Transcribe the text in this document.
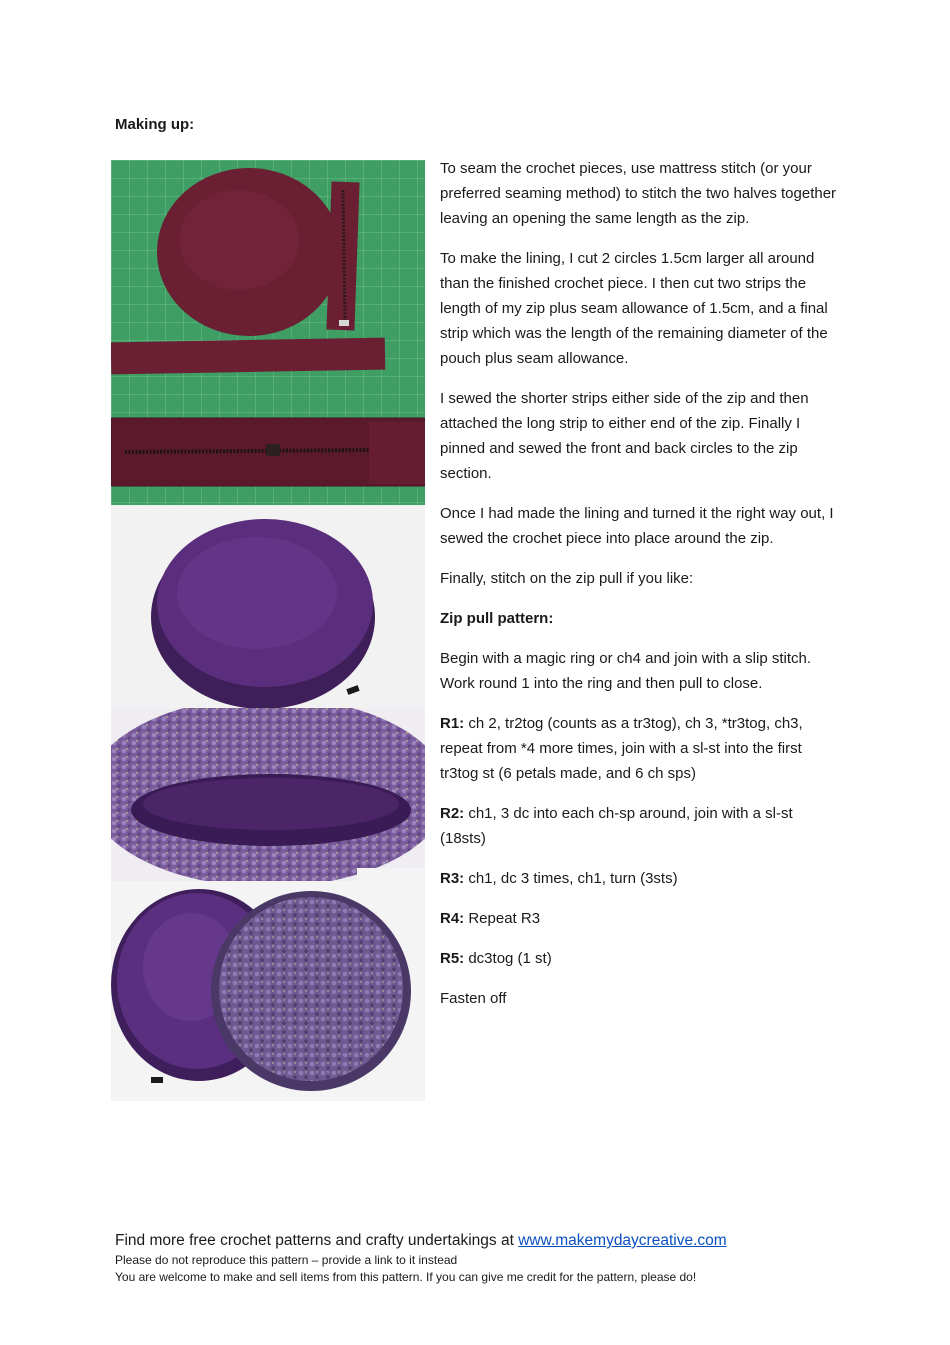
Making up:

To seam the crochet pieces, use mattress stitch (or your preferred seaming method) to stitch the two halves together leaving an opening the same length as the zip.

To make the lining, I cut 2 circles 1.5cm larger all around than the finished crochet piece. I then cut two strips the length of my zip plus seam allowance of 1.5cm, and a final strip which was the length of the remaining diameter of the pouch plus seam allowance.

I sewed the shorter strips either side of the zip and then attached the long strip to either end of the zip. Finally I pinned and sewed the front and back circles to the zip section.

Once I had made the lining and turned it the right way out, I sewed the crochet piece into place around the zip.

Finally, stitch on the zip pull if you like:

Zip pull pattern:

Begin with a magic ring or ch4 and join with a slip stitch. Work round 1 into the ring and then pull to close.

R1: ch 2, tr2tog (counts as a tr3tog), ch 3, *tr3tog, ch3, repeat from *4 more times, join with a sl-st into the first tr3tog st (6 petals made, and 6 ch sps)

R2: ch1, 3 dc into each ch-sp around, join with a sl-st (18sts)

R3: ch1, dc 3 times, ch1, turn (3sts)

R4: Repeat R3

R5: dc3tog (1 st)

Fasten off

Find more free crochet patterns and crafty undertakings at www.makemydaycreative.com
Please do not reproduce this pattern – provide a link to it instead
You are welcome to make and sell items from this pattern. If you can give me credit for the pattern, please do!
